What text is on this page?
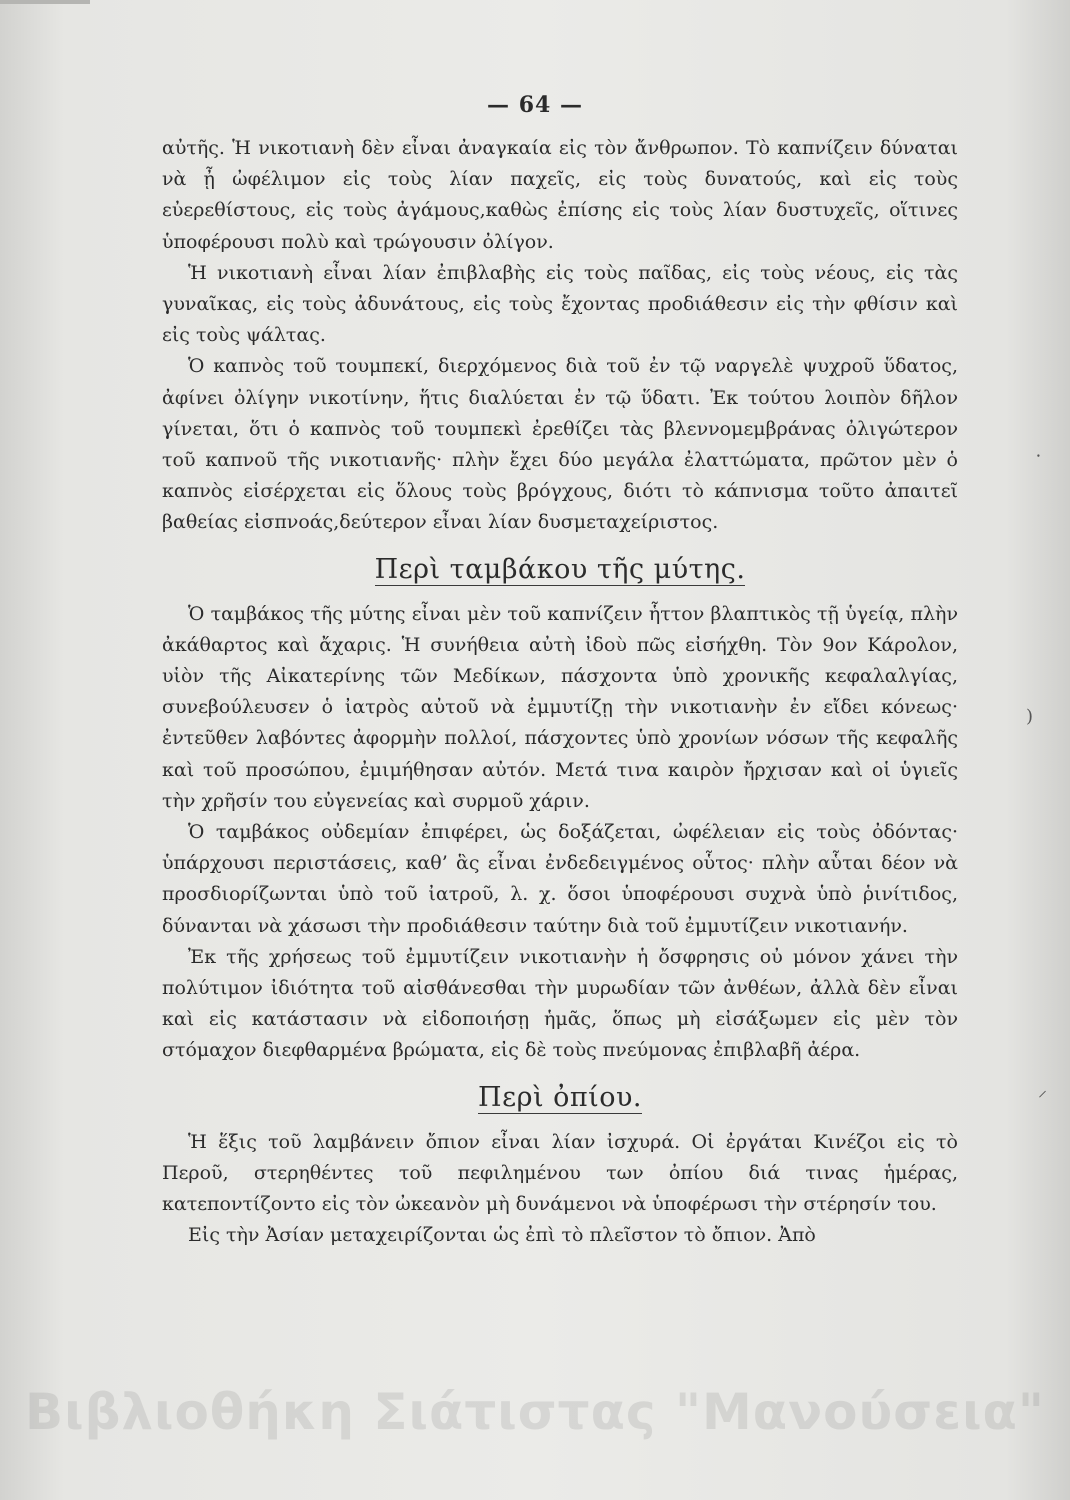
— 64 —

αὐτῆς. Ἡ νικοτιανὴ δὲν εἶναι ἀναγκαία εἰς τὸν ἄνθρωπον. Τὸ καπνίζειν δύναται νὰ ᾖ ὠφέλιμον εἰς τοὺς λίαν παχεῖς, εἰς τοὺς δυνατούς, καὶ εἰς τοὺς εὐερεθίστους, εἰς τοὺς ἀγάμους,καθὼς ἐπίσης εἰς τοὺς λίαν δυστυχεῖς, οἵτινες ὑποφέρουσι πολὺ καὶ τρώγουσιν ὀλίγον.

Ἡ νικοτιανὴ εἶναι λίαν ἐπιβλαβὴς εἰς τοὺς παῖδας, εἰς τοὺς νέους, εἰς τὰς γυναῖκας, εἰς τοὺς ἀδυνάτους, εἰς τοὺς ἔχοντας προδιάθεσιν εἰς τὴν φθίσιν καὶ εἰς τοὺς ψάλτας.

Ὁ καπνὸς τοῦ τουμπεκί, διερχόμενος διὰ τοῦ ἐν τῷ ναργελὲ ψυχροῦ ὕδατος, ἀφίνει ὀλίγην νικοτίνην, ἥτις διαλύεται ἐν τῷ ὕδατι. Ἐκ τούτου λοιπὸν δῆλον γίνεται, ὅτι ὁ καπνὸς τοῦ τουμπεκὶ ἐρεθίζει τὰς βλεννομεμβράνας ὀλιγώτερον τοῦ καπνοῦ τῆς νικοτιανῆς· πλὴν ἔχει δύο μεγάλα ἐλαττώματα, πρῶτον μὲν ὁ καπνὸς εἰσέρχεται εἰς ὅλους τοὺς βρόγχους, διότι τὸ κάπνισμα τοῦτο ἀπαιτεῖ βαθείας εἰσπνοάς,δεύτερον εἶναι λίαν δυσμεταχείριστος.

Περὶ ταμβάκου τῆς μύτης.

Ὁ ταμβάκος τῆς μύτης εἶναι μὲν τοῦ καπνίζειν ἧττον βλαπτικὸς τῇ ὑγείᾳ, πλὴν ἀκάθαρτος καὶ ἄχαρις. Ἡ συνήθεια αὐτὴ ἰδοὺ πῶς εἰσήχθη. Τὸν 9ον Κάρολον, υἱὸν τῆς Αἰκατερίνης τῶν Μεδίκων, πάσχοντα ὑπὸ χρονικῆς κεφαλαλγίας, συνεβούλευσεν ὁ ἰατρὸς αὐτοῦ νὰ ἐμμυτίζῃ τὴν νικοτιανὴν ἐν εἴδει κόνεως· ἐντεῦθεν λαβόντες ἀφορμὴν πολλοί, πάσχοντες ὑπὸ χρονίων νόσων τῆς κεφαλῆς καὶ τοῦ προσώπου, ἐμιμήθησαν αὐτόν. Μετά τινα καιρὸν ἤρχισαν καὶ οἱ ὑγιεῖς τὴν χρῆσίν του εὐγενείας καὶ συρμοῦ χάριν.

Ὁ ταμβάκος οὐδεμίαν ἐπιφέρει, ὡς δοξάζεται, ὠφέλειαν εἰς τοὺς ὀδόντας· ὑπάρχουσι περιστάσεις, καθ’ ἃς εἶναι ἐνδεδειγμένος οὗτος· πλὴν αὗται δέον νὰ προσδιορίζωνται ὑπὸ τοῦ ἰατροῦ, λ. χ. ὅσοι ὑποφέρουσι συχνὰ ὑπὸ ῥινίτιδος, δύνανται νὰ χάσωσι τὴν προδιάθεσιν ταύτην διὰ τοῦ ἐμμυτίζειν νικοτιανήν.

Ἐκ τῆς χρήσεως τοῦ ἐμμυτίζειν νικοτιανὴν ἡ ὄσφρησις οὐ μόνον χάνει τὴν πολύτιμον ἰδιότητα τοῦ αἰσθάνεσθαι τὴν μυρωδίαν τῶν ἀνθέων, ἀλλὰ δὲν εἶναι καὶ εἰς κατάστασιν νὰ εἰδοποιήσῃ ἡμᾶς, ὅπως μὴ εἰσάξωμεν εἰς μὲν τὸν στόμαχον διεφθαρμένα βρώματα, εἰς δὲ τοὺς πνεύμονας ἐπιβλαβῆ ἀέρα.

Περὶ ὀπίου.

Ἡ ἕξις τοῦ λαμβάνειν ὄπιον εἶναι λίαν ἰσχυρά. Οἱ ἐργάται Κινέζοι εἰς τὸ Περοῦ, στερηθέντες τοῦ πεφιλημένου των ὀπίου διά τινας ἡμέρας, κατεποντίζοντο εἰς τὸν ὠκεανὸν μὴ δυνάμενοι νὰ ὑποφέρωσι τὴν στέρησίν του.

Εἰς τὴν Ἀσίαν μεταχειρίζονται ὡς ἐπὶ τὸ πλεῖστον τὸ ὄπιον. Ἀπὸ

⸱
)
⸝
Βιβλιοθήκη Σιάτιστας "Μανούσεια"
